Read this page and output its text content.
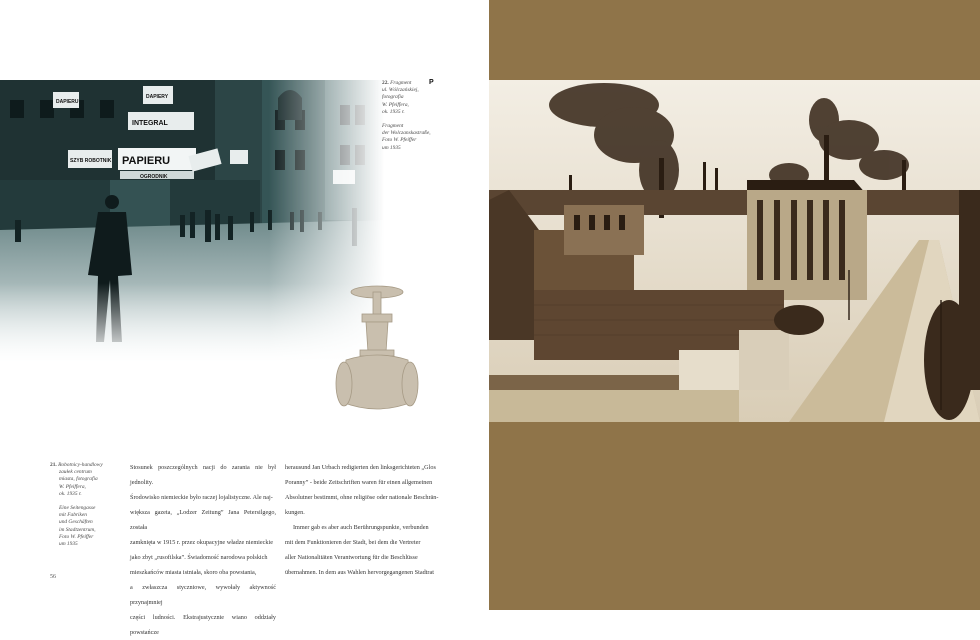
22. Fragment	P
ul. Wólczańskiej,
fotografia
W. Pfeiffera,
ok. 1935 r.
Fragment
der Wolczanskastraße,
Foto W. Pfeiffer
um 1935
21. Robotnicy-handlowy
zaułek centrum
miasta, fotografia
W. Pfeiffera,
ok. 1935 r.
Eine Seitengasse
mit Fabriken
und Geschäften
im Stadtzentrum,
Foto W. Pfeiffer
um 1935
Stosunek poszczególnych nacji do zarania nie był jednolity.
Środowisko niemieckie było raczej lojalistyczne. Ale naj-
większa gazeta, „Lodzer Zeitung” Jana Petersilgego, została
zamknięta w 1915 r. przez okupacyjne władze niemieckie
jako zbyt „rusofilska”. Świadomość narodowa polskich
mieszkańców miasta istniała, skoro oba powstania,
a zwłaszcza styczniowe, wywołały aktywność przynajmniej
części ludności. Ekstrajustycznie wiano oddziały powstańcze
herausund Jan Urbach redigierten den linksgerichteten „Glos
Poranny” - beide Zeitschriften waren für einen allgemeinen
Absolutner bestimmt, ohne religiöse oder nationale Beschrän-
kungen.
Immer gab es aber auch Berührungspunkte, verbunden
mit dem Funktionieren der Stadt, bei dem die Vertreter
aller Nationalitäten Verantwortung für die Beschlüsse
übernahmen. In dem aus Wahlen hervorgegangenen Stadtrat
56
